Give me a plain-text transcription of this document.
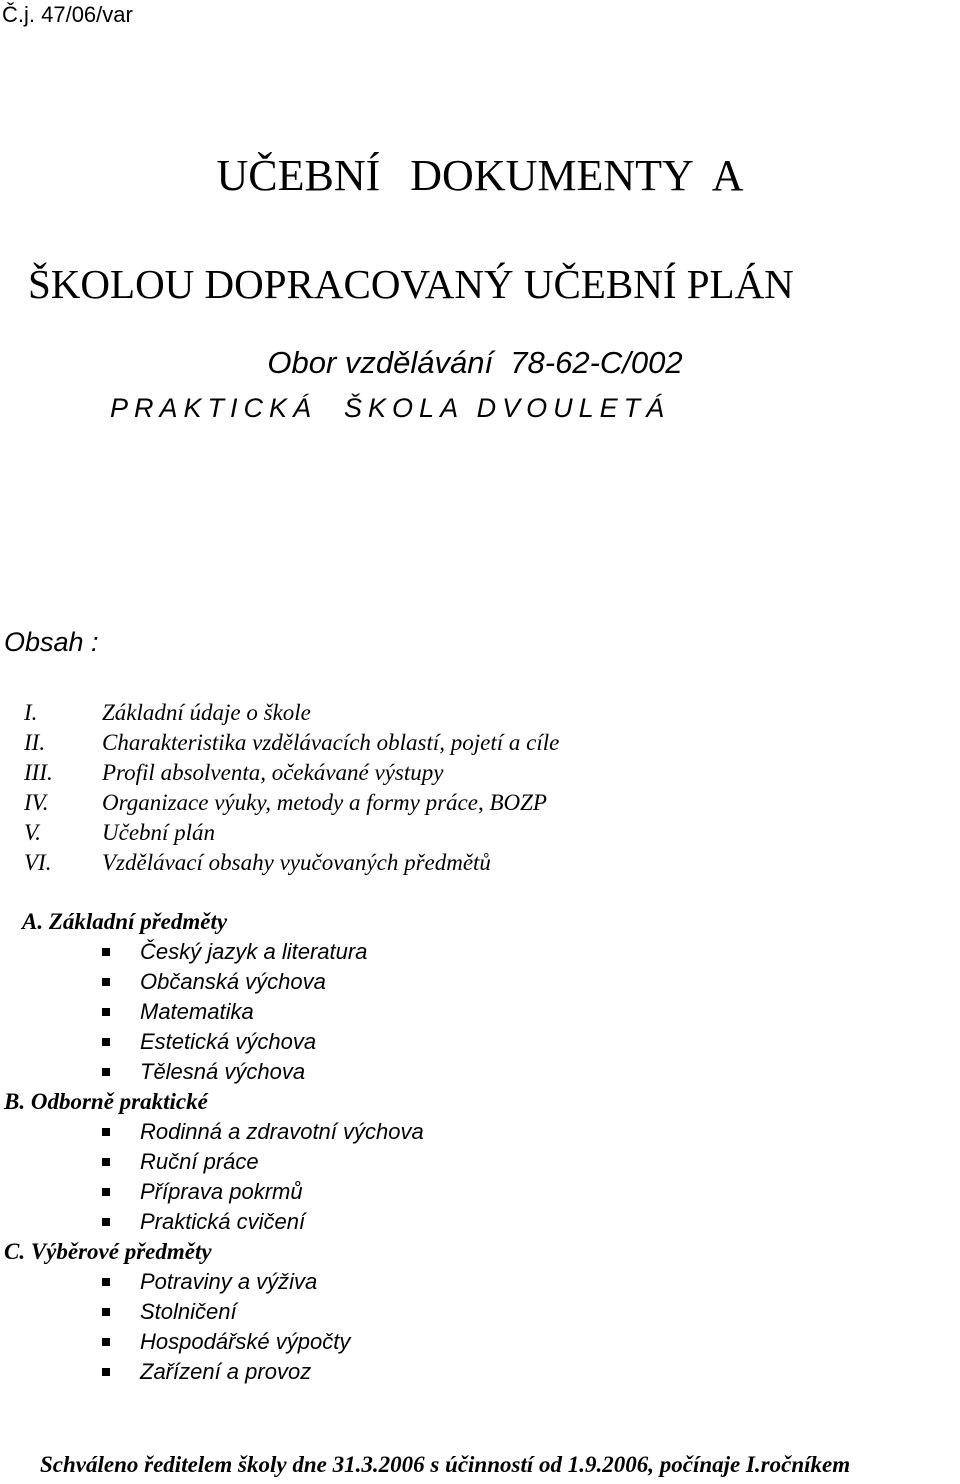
Č.j. 47/06/var
UČEBNÍ DOKUMENTY  A
ŠKOLOU DOPRACOVANÝ UČEBNÍ PLÁN
Obor vzdělávání  78-62-C/002
PRAKTICKÁ  ŠKOLA DVOULETÁ
Obsah :
I.	Základní údaje o škole
II.	Charakteristika vzdělávacích oblastí, pojetí a cíle
III.	Profil absolventa, očekávané výstupy
IV.	Organizace výuky, metody a formy práce, BOZP
V.	Učební plán
VI.	Vzdělávací obsahy vyučovaných předmětů
A. Základní předměty
Český jazyk a literatura
Občanská výchova
Matematika
Estetická výchova
Tělesná výchova
B. Odborně praktické
Rodinná a zdravotní výchova
Ruční práce
Příprava pokrmů
Praktická cvičení
C. Výběrové předměty
Potraviny a výživa
Stolničení
Hospodářské výpočty
Zařízení a provoz
Schváleno ředitelem školy dne 31.3.2006 s účinností od 1.9.2006, počínaje I.ročníkem
